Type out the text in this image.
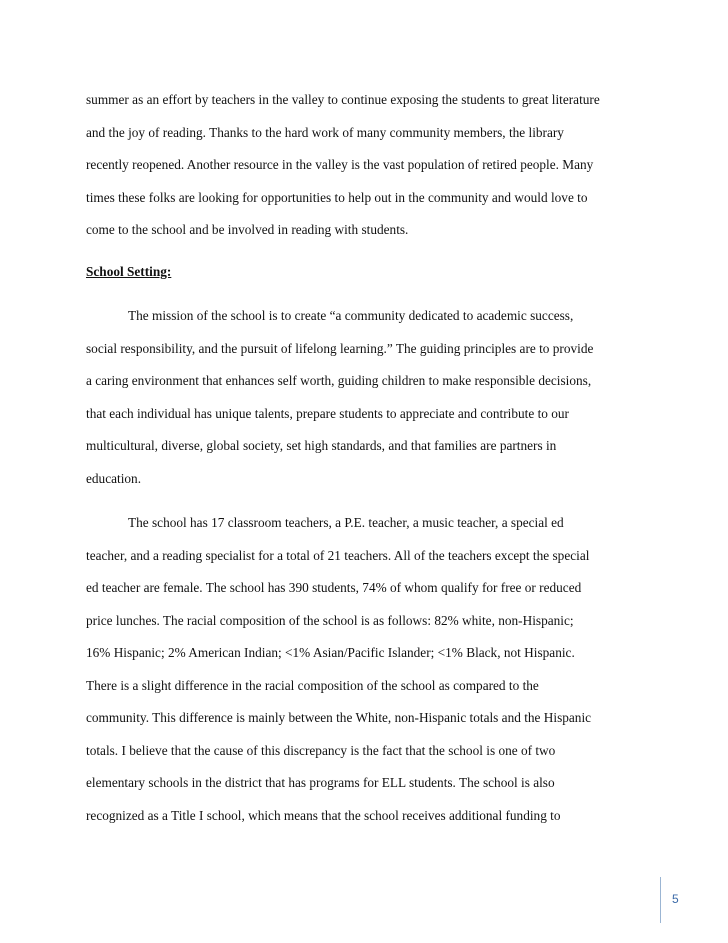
summer as an effort by teachers in the valley to continue exposing the students to great literature
and the joy of reading. Thanks to the hard work of many community members, the library
recently reopened. Another resource in the valley is the vast population of retired people. Many
times these folks are looking for opportunities to help out in the community and would love to
come to the school and be involved in reading with students.
School Setting:
The mission of the school is to create “a community dedicated to academic success,
social responsibility, and the pursuit of lifelong learning.” The guiding principles are to provide
a caring environment that enhances self worth, guiding children to make responsible decisions,
that each individual has unique talents, prepare students to appreciate and contribute to our
multicultural, diverse, global society, set high standards, and that families are partners in
education.
The school has 17 classroom teachers, a P.E. teacher, a music teacher, a special ed
teacher, and a reading specialist for a total of 21 teachers. All of the teachers except the special
ed teacher are female. The school has 390 students, 74% of whom qualify for free or reduced
price lunches. The racial composition of the school is as follows: 82% white, non-Hispanic;
16% Hispanic; 2% American Indian; <1% Asian/Pacific Islander; <1% Black, not Hispanic.
There is a slight difference in the racial composition of the school as compared to the
community. This difference is mainly between the White, non-Hispanic totals and the Hispanic
totals. I believe that the cause of this discrepancy is the fact that the school is one of two
elementary schools in the district that has programs for ELL students. The school is also
recognized as a Title I school, which means that the school receives additional funding to
5
